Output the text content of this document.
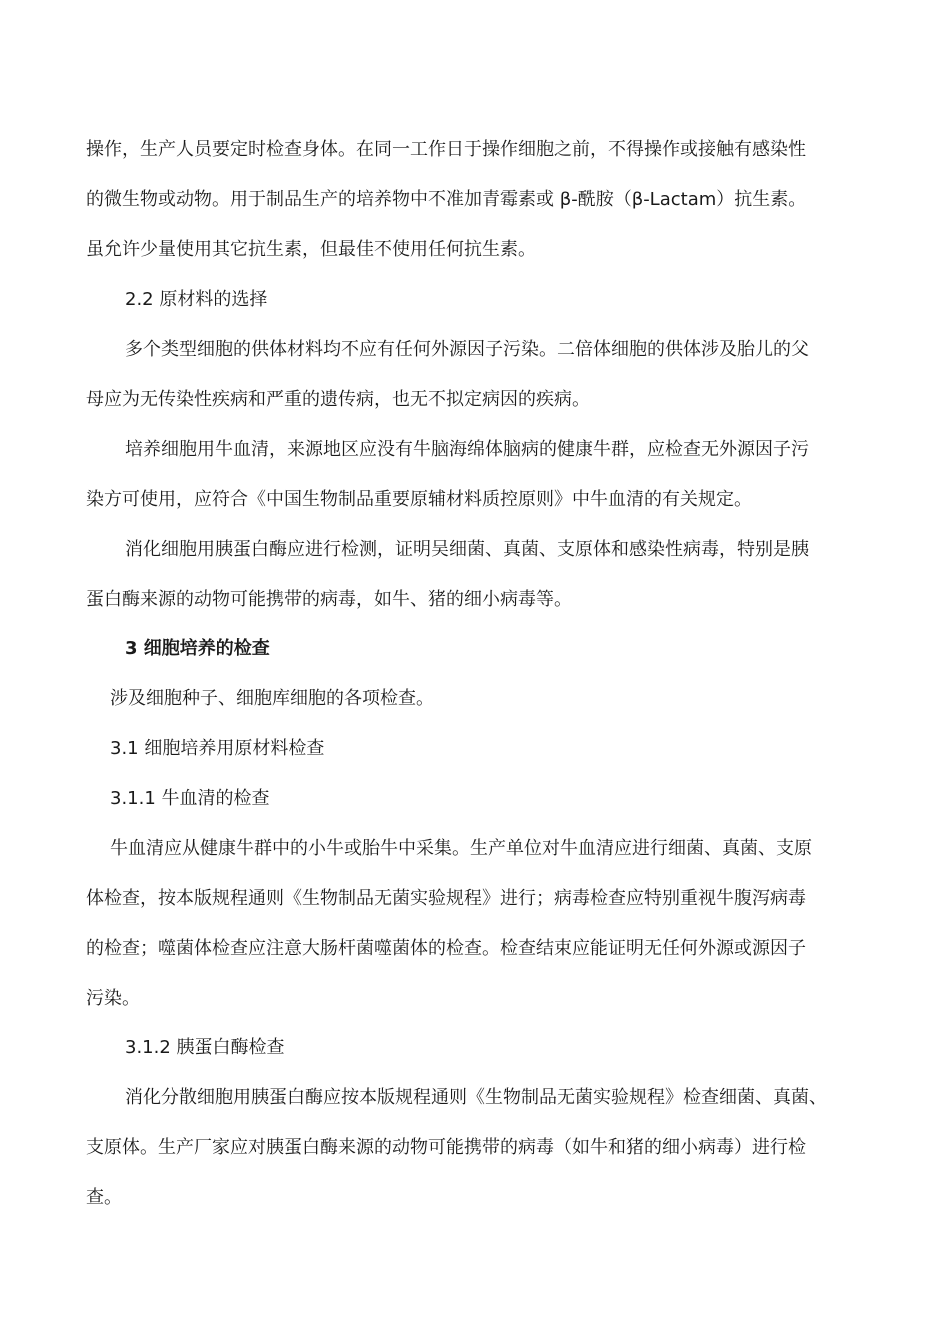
操作，生产人员要定时检查身体。在同一工作日于操作细胞之前，不得操作或接触有感染性
的微生物或动物。用于制品生产的培养物中不准加青霉素或 β-酰胺（β-Lactam）抗生素。
虽允许少量使用其它抗生素，但最佳不使用任何抗生素。
2.2 原材料的选择
多个类型细胞的供体材料均不应有任何外源因子污染。二倍体细胞的供体涉及胎儿的父
母应为无传染性疾病和严重的遗传病，也无不拟定病因的疾病。
培养细胞用牛血清，来源地区应没有牛脑海绵体脑病的健康牛群，应检查无外源因子污
染方可使用，应符合《中国生物制品重要原辅材料质控原则》中牛血清的有关规定。
消化细胞用胰蛋白酶应进行检测，证明吴细菌、真菌、支原体和感染性病毒，特别是胰
蛋白酶来源的动物可能携带的病毒，如牛、猪的细小病毒等。
3 细胞培养的检查
涉及细胞种子、细胞库细胞的各项检查。
3.1 细胞培养用原材料检查
3.1.1 牛血清的检查
牛血清应从健康牛群中的小牛或胎牛中采集。生产单位对牛血清应进行细菌、真菌、支原
体检查，按本版规程通则《生物制品无菌实验规程》进行；病毒检查应特别重视牛腹泻病毒
的检查；噬菌体检查应注意大肠杆菌噬菌体的检查。检查结束应能证明无任何外源或源因子
污染。
3.1.2 胰蛋白酶检查
消化分散细胞用胰蛋白酶应按本版规程通则《生物制品无菌实验规程》检查细菌、真菌、
支原体。生产厂家应对胰蛋白酶来源的动物可能携带的病毒（如牛和猪的细小病毒）进行检
查。
